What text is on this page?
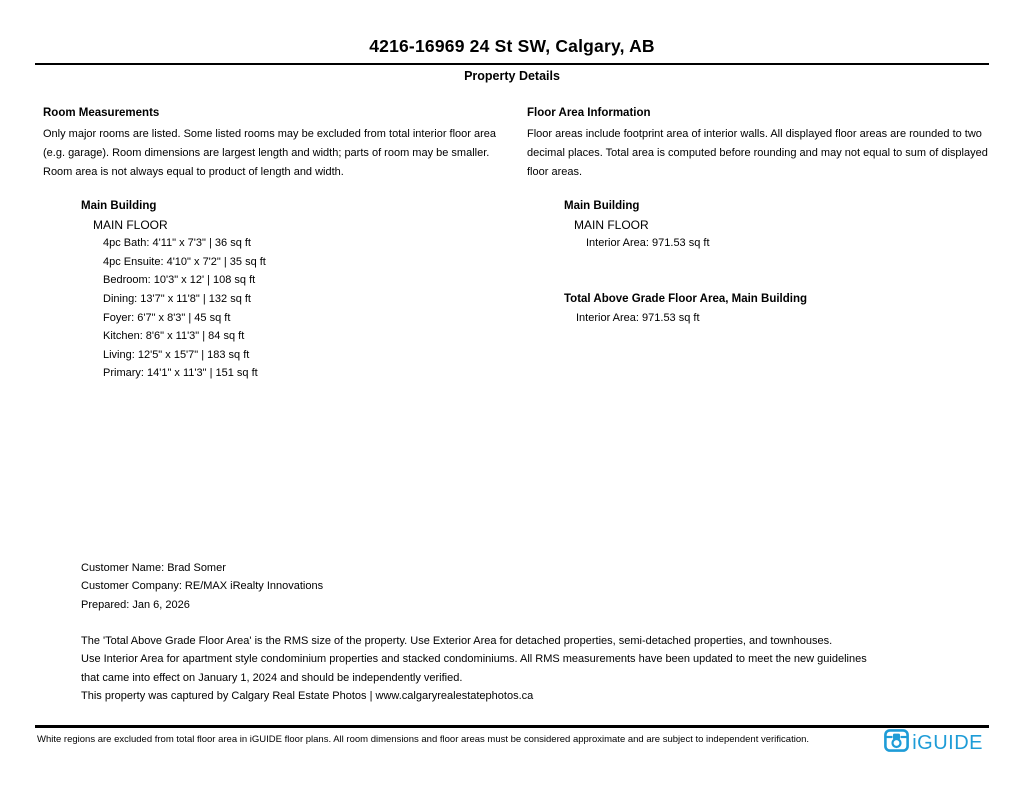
4216-16969 24 St SW, Calgary, AB
Property Details
Room Measurements
Only major rooms are listed. Some listed rooms may be excluded from total interior floor area
(e.g. garage). Room dimensions are largest length and width; parts of room may be smaller.
Room area is not always equal to product of length and width.
Main Building
MAIN FLOOR
4pc Bath: 4'11" x 7'3" | 36 sq ft
4pc Ensuite: 4'10" x 7'2" | 35 sq ft
Bedroom: 10'3" x 12' | 108 sq ft
Dining: 13'7" x 11'8" | 132 sq ft
Foyer: 6'7" x 8'3" | 45 sq ft
Kitchen: 8'6" x 11'3" | 84 sq ft
Living: 12'5" x 15'7" | 183 sq ft
Primary: 14'1" x 11'3" | 151 sq ft
Floor Area Information
Floor areas include footprint area of interior walls. All displayed floor areas are rounded to two
decimal places. Total area is computed before rounding and may not equal to sum of displayed
floor areas.
Main Building
MAIN FLOOR
Interior Area: 971.53 sq ft
Total Above Grade Floor Area, Main Building
Interior Area: 971.53 sq ft
Customer Name: Brad Somer
Customer Company: RE/MAX iRealty Innovations
Prepared: Jan 6, 2026
The 'Total Above Grade Floor Area' is the RMS size of the property. Use Exterior Area for detached properties, semi-detached properties, and townhouses.
Use Interior Area for apartment style condominium properties and stacked condominiums. All RMS measurements have been updated to meet the new guidelines
that came into effect on January 1, 2024 and should be independently verified.
This property was captured by Calgary Real Estate Photos | www.calgaryrealestatephotos.ca
White regions are excluded from total floor area in iGUIDE floor plans. All room dimensions and floor areas must be considered approximate and are subject to independent verification.	iGUIDE
